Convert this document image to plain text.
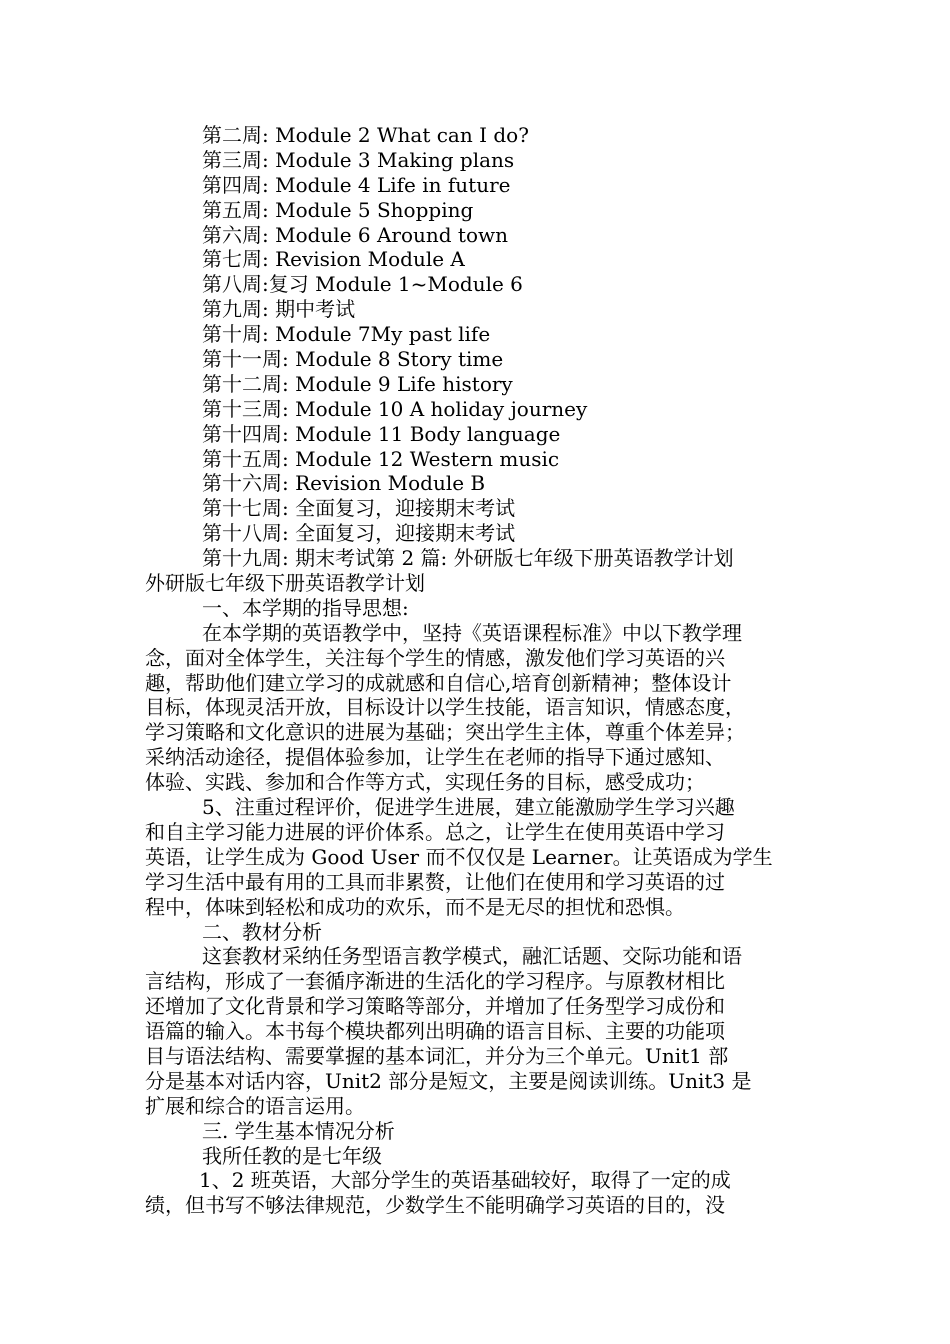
第二周: Module 2 What can I do?
第三周: Module 3 Making plans
第四周: Module 4 Life in future
第五周: Module 5 Shopping
第六周: Module 6 Around town
第七周: Revision Module A
第八周:复习 Module 1~Module 6
第九周: 期中考试
第十周: Module 7My past life
第十一周: Module 8 Story time
第十二周: Module 9 Life history
第十三周: Module 10 A holiday journey
第十四周: Module 11 Body language
第十五周: Module 12 Western music
第十六周: Revision Module B
第十七周: 全面复习，迎接期末考试
第十八周: 全面复习，迎接期末考试
第十九周: 期末考试第 2 篇: 外研版七年级下册英语教学计划
外研版七年级下册英语教学计划
一、本学期的指导思想:
在本学期的英语教学中，坚持《英语课程标准》中以下教学理
念，面对全体学生，关注每个学生的情感，激发他们学习英语的兴
趣，帮助他们建立学习的成就感和自信心,培育创新精神；整体设计
目标，体现灵活开放，目标设计以学生技能，语言知识，情感态度，
学习策略和文化意识的进展为基础；突出学生主体，尊重个体差异；
采纳活动途径，提倡体验参加，让学生在老师的指导下通过感知、
体验、实践、参加和合作等方式，实现任务的目标，感受成功；
5、注重过程评价，促进学生进展，建立能激励学生学习兴趣
和自主学习能力进展的评价体系。总之，让学生在使用英语中学习
英语，让学生成为 Good User 而不仅仅是 Learner。让英语成为学生
学习生活中最有用的工具而非累赘，让他们在使用和学习英语的过
程中，体味到轻松和成功的欢乐，而不是无尽的担忧和恐惧。
二、教材分析
这套教材采纳任务型语言教学模式，融汇话题、交际功能和语
言结构，形成了一套循序渐进的生活化的学习程序。与原教材相比
还增加了文化背景和学习策略等部分，并增加了任务型学习成份和
语篇的输入。本书每个模块都列出明确的语言目标、主要的功能项
目与语法结构、需要掌握的基本词汇，并分为三个单元。Unit1 部
分是基本对话内容，Unit2 部分是短文，主要是阅读训练。Unit3 是
扩展和综合的语言运用。
三. 学生基本情况分析
我所任教的是七年级
1、2 班英语，大部分学生的英语基础较好，取得了一定的成
绩，但书写不够法律规范，少数学生不能明确学习英语的目的，没
